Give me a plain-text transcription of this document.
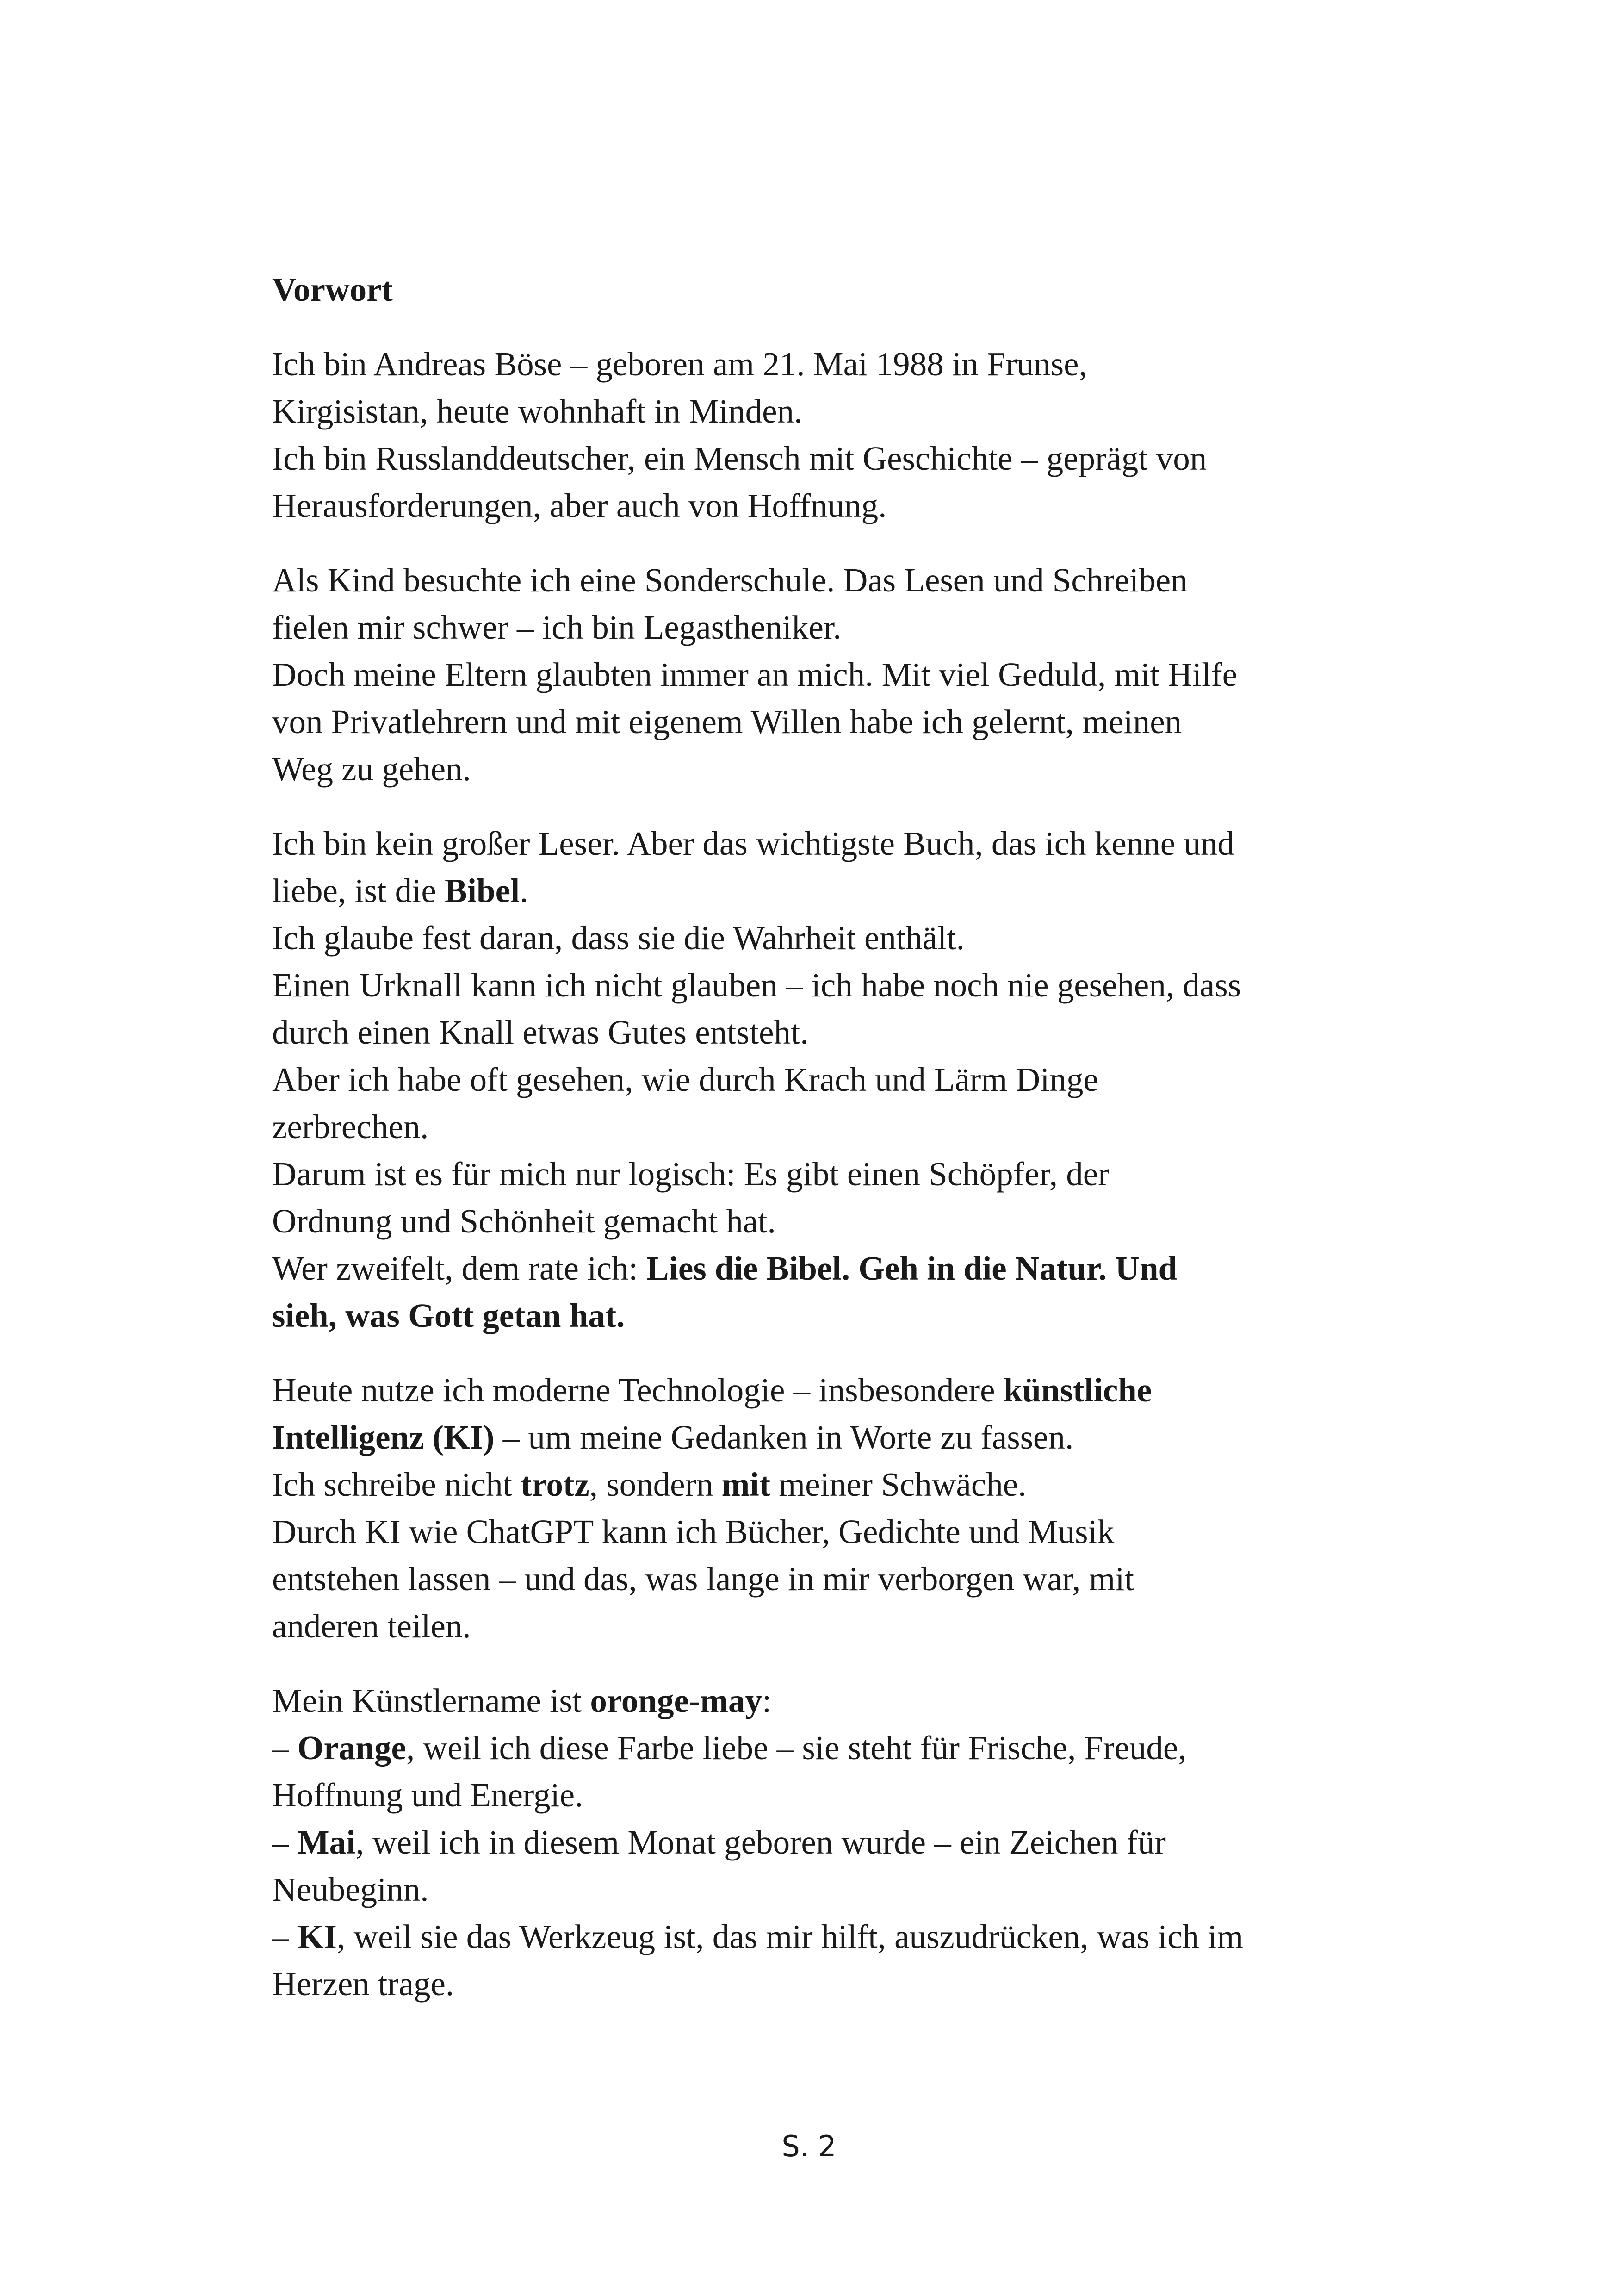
Vorwort
Ich bin Andreas Böse – geboren am 21. Mai 1988 in Frunse,
Kirgisistan, heute wohnhaft in Minden.
Ich bin Russlanddeutscher, ein Mensch mit Geschichte – geprägt von
Herausforderungen, aber auch von Hoffnung.
Als Kind besuchte ich eine Sonderschule. Das Lesen und Schreiben
fielen mir schwer – ich bin Legastheniker.
Doch meine Eltern glaubten immer an mich. Mit viel Geduld, mit Hilfe
von Privatlehrern und mit eigenem Willen habe ich gelernt, meinen
Weg zu gehen.
Ich bin kein großer Leser. Aber das wichtigste Buch, das ich kenne und
liebe, ist die Bibel.
Ich glaube fest daran, dass sie die Wahrheit enthält.
Einen Urknall kann ich nicht glauben – ich habe noch nie gesehen, dass
durch einen Knall etwas Gutes entsteht.
Aber ich habe oft gesehen, wie durch Krach und Lärm Dinge
zerbrechen.
Darum ist es für mich nur logisch: Es gibt einen Schöpfer, der
Ordnung und Schönheit gemacht hat.
Wer zweifelt, dem rate ich: Lies die Bibel. Geh in die Natur. Und
sieh, was Gott getan hat.
Heute nutze ich moderne Technologie – insbesondere künstliche
Intelligenz (KI) – um meine Gedanken in Worte zu fassen.
Ich schreibe nicht trotz, sondern mit meiner Schwäche.
Durch KI wie ChatGPT kann ich Bücher, Gedichte und Musik
entstehen lassen – und das, was lange in mir verborgen war, mit
anderen teilen.
Mein Künstlername ist oronge-may:
– Orange, weil ich diese Farbe liebe – sie steht für Frische, Freude,
Hoffnung und Energie.
– Mai, weil ich in diesem Monat geboren wurde – ein Zeichen für
Neubeginn.
– KI, weil sie das Werkzeug ist, das mir hilft, auszudrücken, was ich im
Herzen trage.
S. 2
